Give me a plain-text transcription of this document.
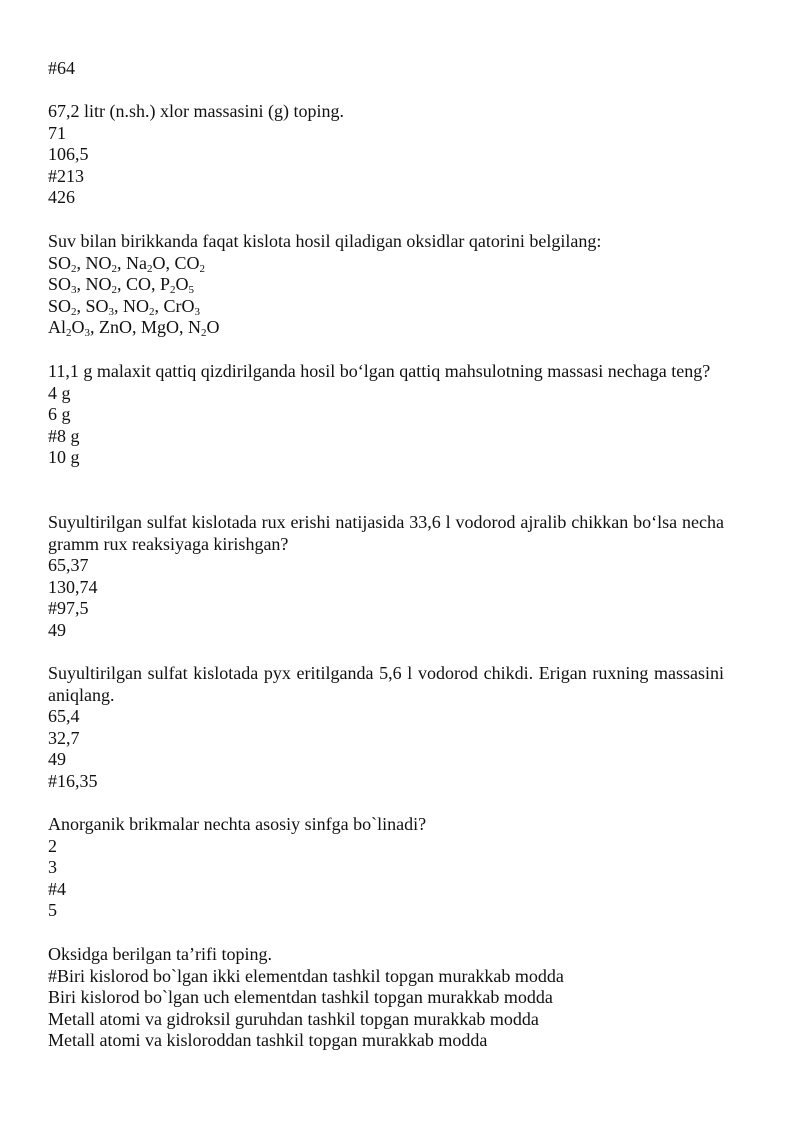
#64
67,2 litr (n.sh.) xlor massasini (g) toping.
71
106,5
#213
426
Suv bilan birikkanda faqat kislota hosil qiladigan oksidlar qatorini belgilang:
$SO_2$, $NO_2$, $Na_2O$, $CO_2$
$SO_3$, $NO_2$, CO, $P_2O_5$
$SO_2$, $SO_3$, $NO_2$, CrO$_3$
$Al_2O_3$, ZnO, MgO, $N_2O$
11,1 g malaxit qattiq qizdirilganda hosil bo‘lgan qattiq mahsulotning massasi nechaga teng?
4 g
6 g
#8 g
10 g
Suyultirilgan sulfat kislotada rux erishi natijasida 33,6 l vodorod ajralib chikkan bo‘lsa necha gramm rux reaksiyaga kirishgan?
65,37
130,74
#97,5
49
Suyultirilgan sulfat kislotada pyx eritilganda 5,6 l vodorod chikdi. Erigan ruxning massasini aniqlang.
65,4
32,7
49
#16,35
Anorganik brikmalar nechta asosiy sinfga bo`linadi?
2
3
#4
5
Oksidga berilgan ta’rifi toping.
#Biri kislorod bo`lgan ikki elementdan tashkil topgan murakkab modda
Biri kislorod bo`lgan uch elementdan tashkil topgan murakkab modda
Metall atomi va gidroksil guruhdan tashkil topgan murakkab modda
Metall atomi va kisloroddan tashkil topgan murakkab modda
